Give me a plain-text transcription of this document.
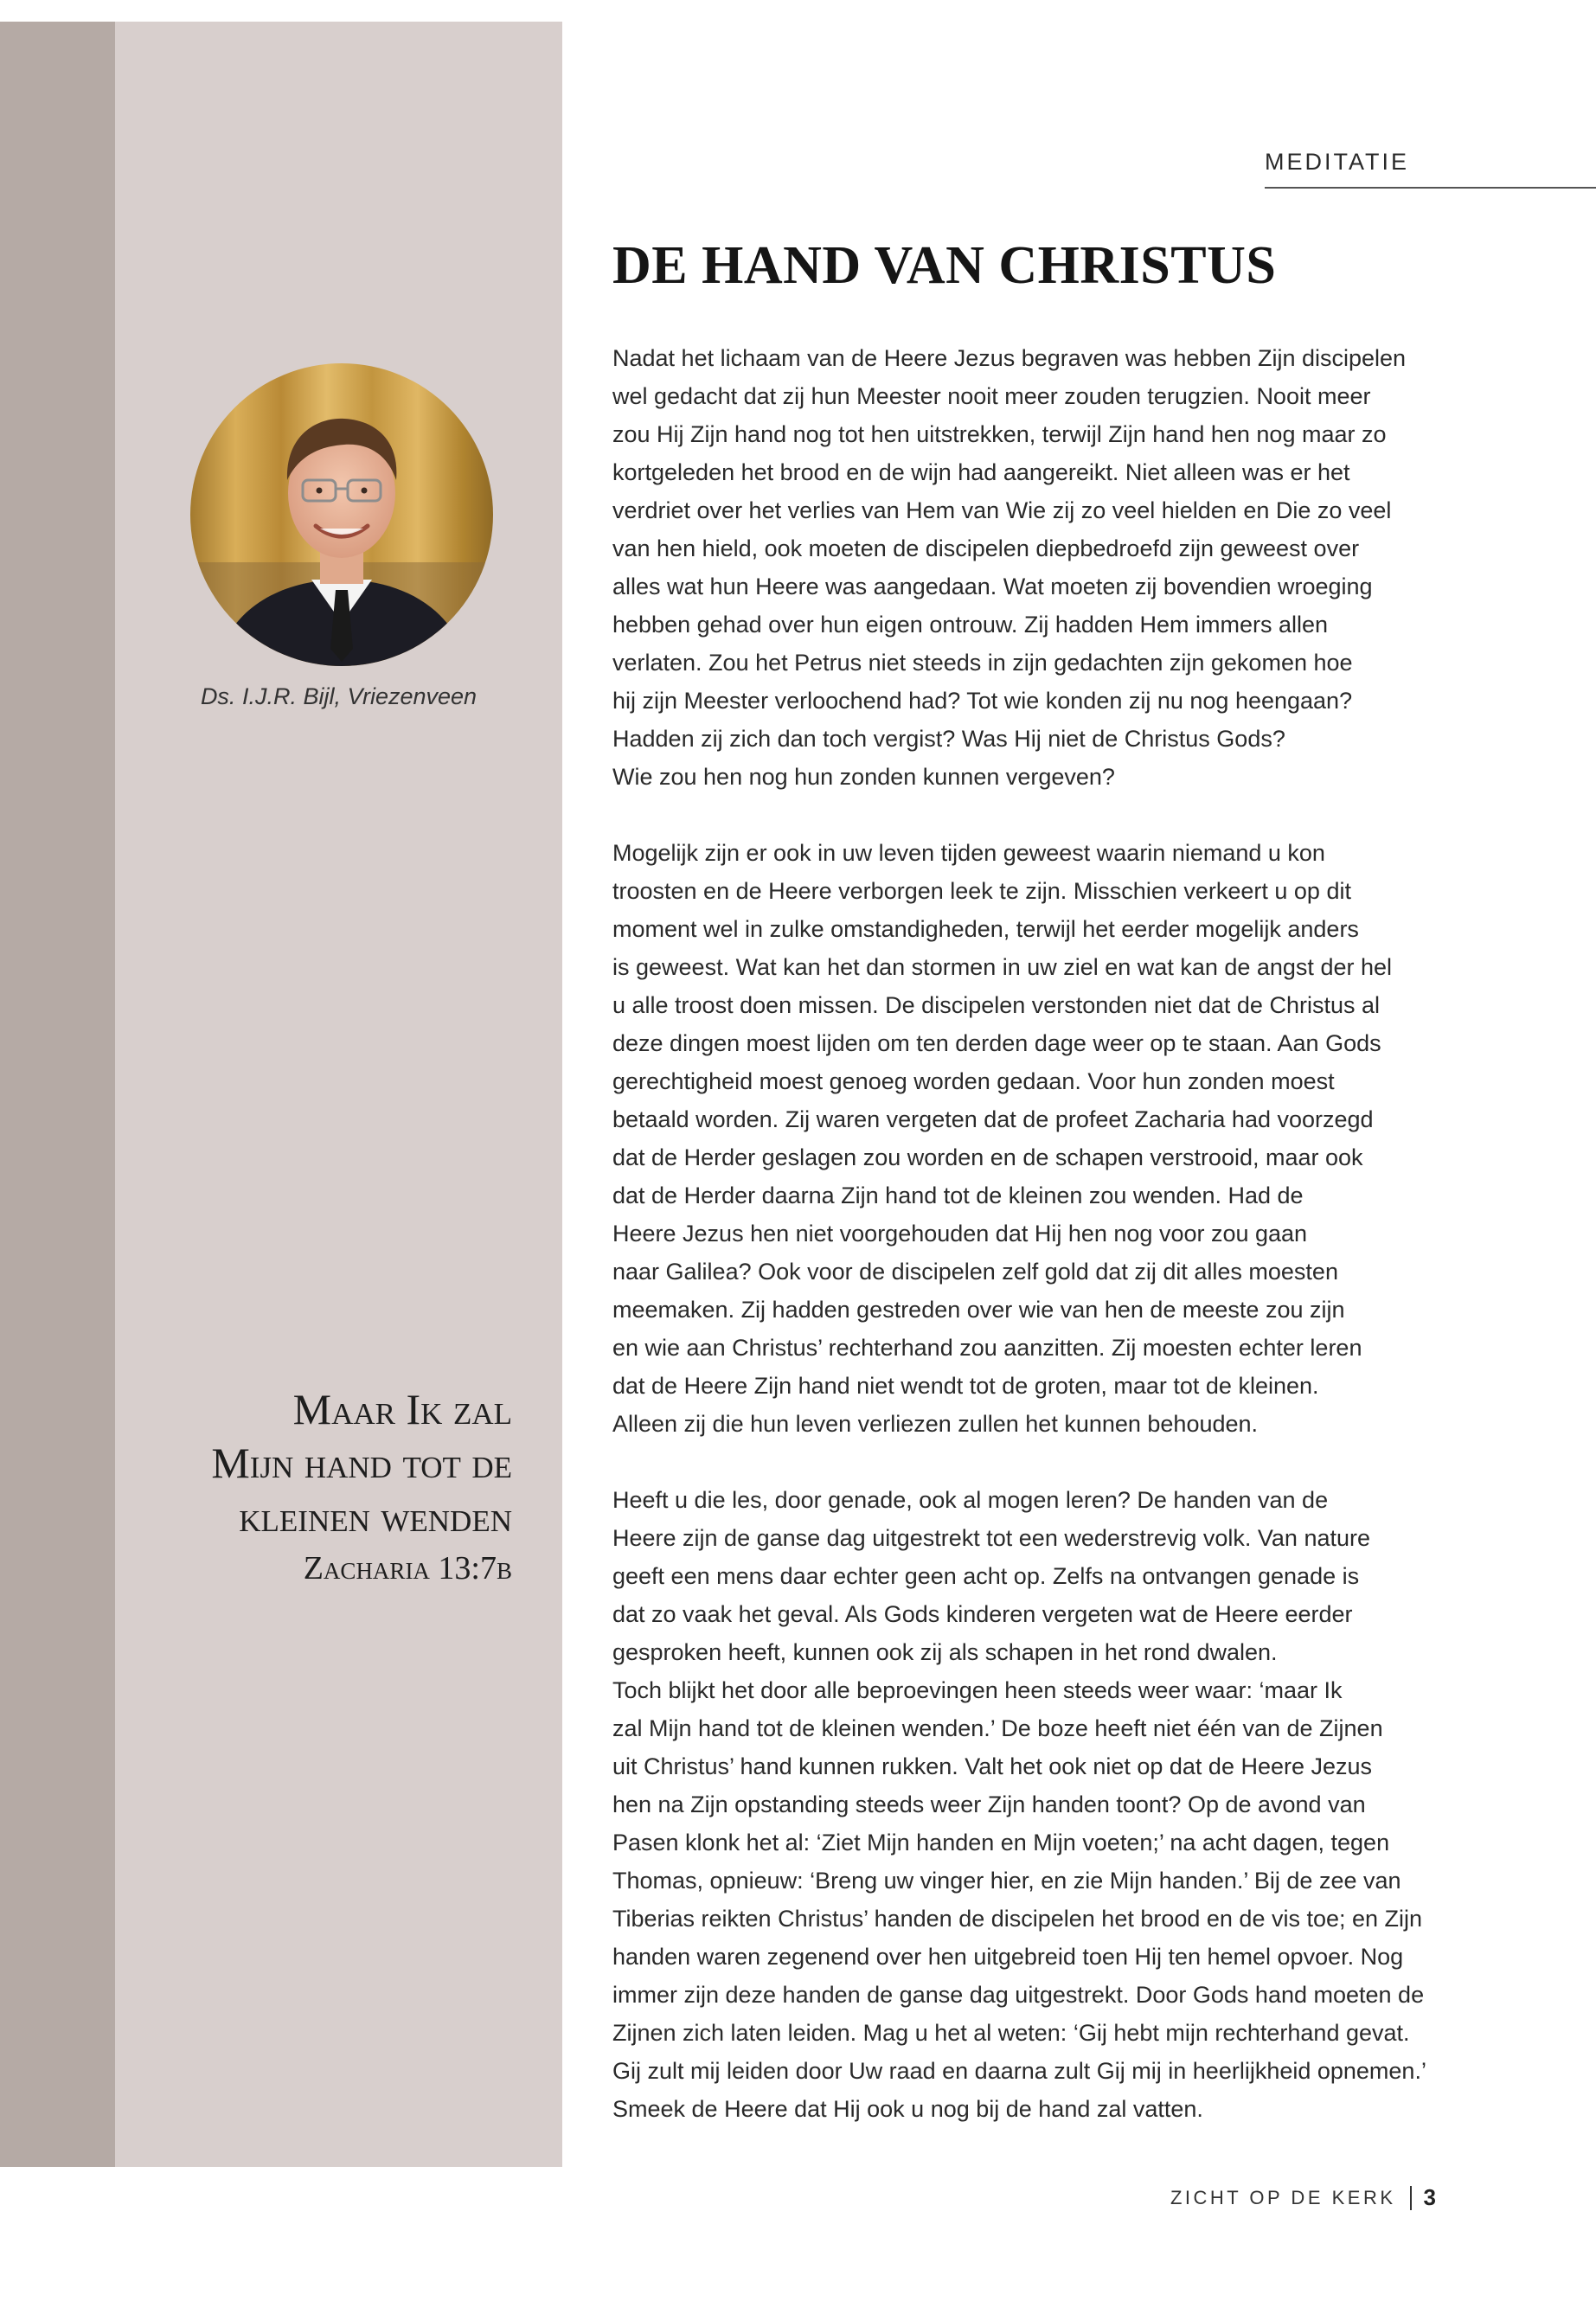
MEDITATIE
DE HAND VAN CHRISTUS
Ds. I.J.R. Bijl, Vriezenveen
Maar Ik zal
Mijn hand tot de
kleinen wenden
Zacharia 13:7b

Nadat het lichaam van de Heere Jezus begraven was hebben Zijn discipelen
wel gedacht dat zij hun Meester nooit meer zouden terugzien. Nooit meer
zou Hij Zijn hand nog tot hen uitstrekken, terwijl Zijn hand hen nog maar zo
kortgeleden het brood en de wijn had aangereikt. Niet alleen was er het
verdriet over het verlies van Hem van Wie zij zo veel hielden en Die zo veel
van hen hield, ook moeten de discipelen diepbedroefd zijn geweest over
alles wat hun Heere was aangedaan. Wat moeten zij bovendien wroeging
hebben gehad over hun eigen ontrouw. Zij hadden Hem immers allen
verlaten. Zou het Petrus niet steeds in zijn gedachten zijn gekomen hoe
hij zijn Meester verloochend had? Tot wie konden zij nu nog heengaan?
Hadden zij zich dan toch vergist? Was Hij niet de Christus Gods?
Wie zou hen nog hun zonden kunnen vergeven?

Mogelijk zijn er ook in uw leven tijden geweest waarin niemand u kon
troosten en de Heere verborgen leek te zijn. Misschien verkeert u op dit
moment wel in zulke omstandigheden, terwijl het eerder mogelijk anders
is geweest. Wat kan het dan stormen in uw ziel en wat kan de angst der hel
u alle troost doen missen. De discipelen verstonden niet dat de Christus al
deze dingen moest lijden om ten derden dage weer op te staan. Aan Gods
gerechtigheid moest genoeg worden gedaan. Voor hun zonden moest
betaald worden. Zij waren vergeten dat de profeet Zacharia had voorzegd
dat de Herder geslagen zou worden en de schapen verstrooid, maar ook
dat de Herder daarna Zijn hand tot de kleinen zou wenden. Had de
Heere Jezus hen niet voorgehouden dat Hij hen nog voor zou gaan
naar Galilea? Ook voor de discipelen zelf gold dat zij dit alles moesten
meemaken. Zij hadden gestreden over wie van hen de meeste zou zijn
en wie aan Christus’ rechterhand zou aanzitten. Zij moesten echter leren
dat de Heere Zijn hand niet wendt tot de groten, maar tot de kleinen.
Alleen zij die hun leven verliezen zullen het kunnen behouden.

Heeft u die les, door genade, ook al mogen leren? De handen van de
Heere zijn de ganse dag uitgestrekt tot een wederstrevig volk. Van nature
geeft een mens daar echter geen acht op. Zelfs na ontvangen genade is
dat zo vaak het geval. Als Gods kinderen vergeten wat de Heere eerder
gesproken heeft, kunnen ook zij als schapen in het rond dwalen.
Toch blijkt het door alle beproevingen heen steeds weer waar: ‘maar Ik
zal Mijn hand tot de kleinen wenden.’ De boze heeft niet één van de Zijnen
uit Christus’ hand kunnen rukken. Valt het ook niet op dat de Heere Jezus
hen na Zijn opstanding steeds weer Zijn handen toont? Op de avond van
Pasen klonk het al: ‘Ziet Mijn handen en Mijn voeten;’ na acht dagen, tegen
Thomas, opnieuw: ‘Breng uw vinger hier, en zie Mijn handen.’ Bij de zee van
Tiberias reikten Christus’ handen de discipelen het brood en de vis toe; en Zijn
handen waren zegenend over hen uitgebreid toen Hij ten hemel opvoer. Nog
immer zijn deze handen de ganse dag uitgestrekt. Door Gods hand moeten de
Zijnen zich laten leiden. Mag u het al weten: ‘Gij hebt mijn rechterhand gevat.
Gij zult mij leiden door Uw raad en daarna zult Gij mij in heerlijkheid opnemen.’
Smeek de Heere dat Hij ook u nog bij de hand zal vatten.

ZICHT OP DE KERK 3
